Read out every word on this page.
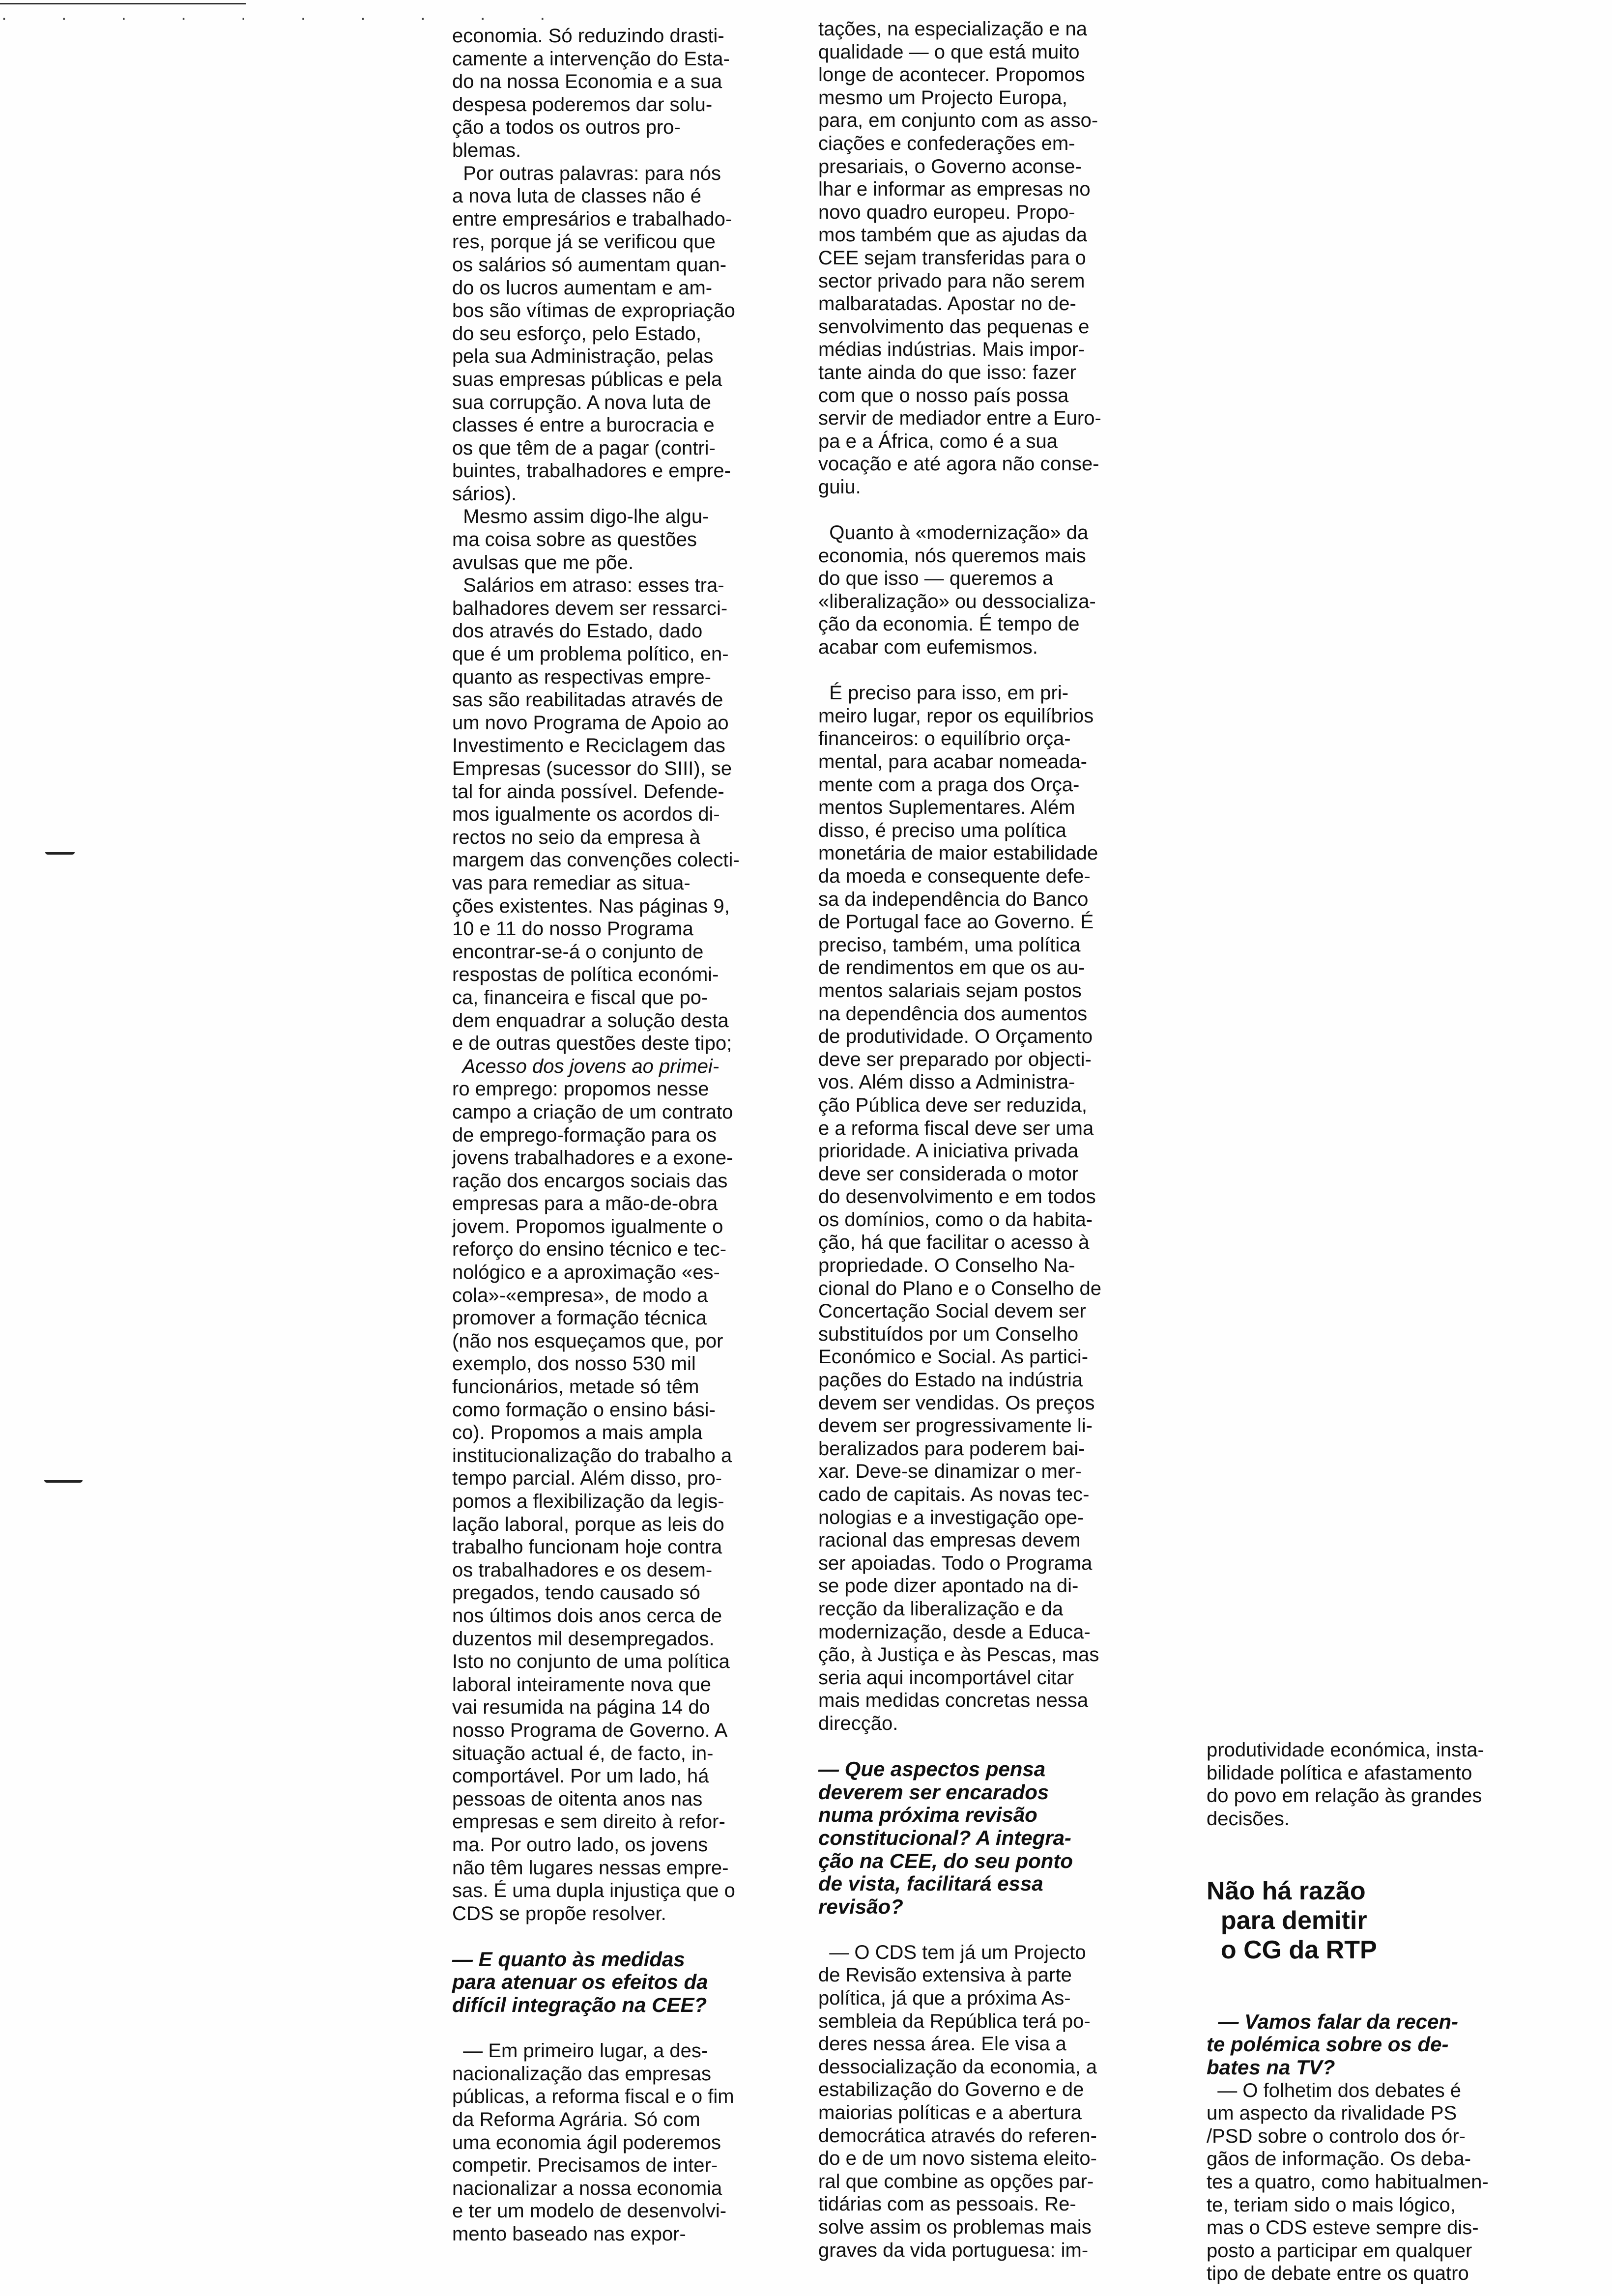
· · · · · · · · · ·

economia. Só reduzindo drasti-

camente a intervenção do Esta-

do na nossa Economia e a sua

despesa poderemos dar solu-

ção a todos os outros pro-

blemas.

Por outras palavras: para nós

a nova luta de classes não é

entre empresários e trabalhado-

res, porque já se verificou que

os salários só aumentam quan-

do os lucros aumentam e am-

bos são vítimas de expropriação

do seu esforço, pelo Estado,

pela sua Administração, pelas

suas empresas públicas e pela

sua corrupção. A nova luta de

classes é entre a burocracia e

os que têm de a pagar (contri-

buintes, trabalhadores e empre-

sários).

Mesmo assim digo-lhe algu-

ma coisa sobre as questões

avulsas que me põe.

Salários em atraso: esses tra-

balhadores devem ser ressarci-

dos através do Estado, dado

que é um problema político, en-

quanto as respectivas empre-

sas são reabilitadas através de

um novo Programa de Apoio ao

Investimento e Reciclagem das

Empresas (sucessor do SIII), se

tal for ainda possível. Defende-

mos igualmente os acordos di-

rectos no seio da empresa à

margem das convenções colecti-

vas para remediar as situa-

ções existentes. Nas páginas 9,

10 e 11 do nosso Programa

encontrar-se-á o conjunto de

respostas de política económi-

ca, financeira e fiscal que po-

dem enquadrar a solução desta

e de outras questões deste tipo;

Acesso dos jovens ao primei-

ro emprego: propomos nesse

campo a criação de um contrato

de emprego-formação para os

jovens trabalhadores e a exone-

ração dos encargos sociais das

empresas para a mão-de-obra

jovem. Propomos igualmente o

reforço do ensino técnico e tec-

nológico e a aproximação «es-

cola»-«empresa», de modo a

promover a formação técnica

(não nos esqueçamos que, por

exemplo, dos nosso 530 mil

funcionários, metade só têm

como formação o ensino bási-

co). Propomos a mais ampla

institucionalização do trabalho a

tempo parcial. Além disso, pro-

pomos a flexibilização da legis-

lação laboral, porque as leis do

trabalho funcionam hoje contra

os trabalhadores e os desem-

pregados, tendo causado só

nos últimos dois anos cerca de

duzentos mil desempregados.

Isto no conjunto de uma política

laboral inteiramente nova que

vai resumida na página 14 do

nosso Programa de Governo. A

situação actual é, de facto, in-

comportável. Por um lado, há

pessoas de oitenta anos nas

empresas e sem direito à refor-

ma. Por outro lado, os jovens

não têm lugares nessas empre-

sas. É uma dupla injustiça que o

CDS se propõe resolver.

— E quanto às medidas

para atenuar os efeitos da

difícil integração na CEE?

— Em primeiro lugar, a des-

nacionalização das empresas

públicas, a reforma fiscal e o fim

da Reforma Agrária. Só com

uma economia ágil poderemos

competir. Precisamos de inter-

nacionalizar a nossa economia

e ter um modelo de desenvolvi-

mento baseado nas expor-

tações, na especialização e na

qualidade — o que está muito

longe de acontecer. Propomos

mesmo um Projecto Europa,

para, em conjunto com as asso-

ciações e confederações em-

presariais, o Governo aconse-

lhar e informar as empresas no

novo quadro europeu. Propo-

mos também que as ajudas da

CEE sejam transferidas para o

sector privado para não serem

malbaratadas. Apostar no de-

senvolvimento das pequenas e

médias indústrias. Mais impor-

tante ainda do que isso: fazer

com que o nosso país possa

servir de mediador entre a Euro-

pa e a África, como é a sua

vocação e até agora não conse-

guiu.

Quanto à «modernização» da

economia, nós queremos mais

do que isso — queremos a

«liberalização» ou dessocializa-

ção da economia. É tempo de

acabar com eufemismos.

É preciso para isso, em pri-

meiro lugar, repor os equilíbrios

financeiros: o equilíbrio orça-

mental, para acabar nomeada-

mente com a praga dos Orça-

mentos Suplementares. Além

disso, é preciso uma política

monetária de maior estabilidade

da moeda e consequente defe-

sa da independência do Banco

de Portugal face ao Governo. É

preciso, também, uma política

de rendimentos em que os au-

mentos salariais sejam postos

na dependência dos aumentos

de produtividade. O Orçamento

deve ser preparado por objecti-

vos. Além disso a Administra-

ção Pública deve ser reduzida,

e a reforma fiscal deve ser uma

prioridade. A iniciativa privada

deve ser considerada o motor

do desenvolvimento e em todos

os domínios, como o da habita-

ção, há que facilitar o acesso à

propriedade. O Conselho Na-

cional do Plano e o Conselho de

Concertação Social devem ser

substituídos por um Conselho

Económico e Social. As partici-

pações do Estado na indústria

devem ser vendidas. Os preços

devem ser progressivamente li-

beralizados para poderem bai-

xar. Deve-se dinamizar o mer-

cado de capitais. As novas tec-

nologias e a investigação ope-

racional das empresas devem

ser apoiadas. Todo o Programa

se pode dizer apontado na di-

recção da liberalização e da

modernização, desde a Educa-

ção, à Justiça e às Pescas, mas

seria aqui incomportável citar

mais medidas concretas nessa

direcção.

— Que aspectos pensa

deverem ser encarados

numa próxima revisão

constitucional? A integra-

ção na CEE, do seu ponto

de vista, facilitará essa

revisão?

— O CDS tem já um Projecto

de Revisão extensiva à parte

política, já que a próxima As-

sembleia da República terá po-

deres nessa área. Ele visa a

dessocialização da economia, a

estabilização do Governo e de

maiorias políticas e a abertura

democrática através do referen-

do e de um novo sistema eleito-

ral que combine as opções par-

tidárias com as pessoais. Re-

solve assim os problemas mais

graves da vida portuguesa: im-

produtividade económica, insta-

bilidade política e afastamento

do povo em relação às grandes

decisões.

Não há razão

para demitir

o CG da RTP

— Vamos falar da recen-

te polémica sobre os de-

bates na TV?

— O folhetim dos debates é

um aspecto da rivalidade PS

/PSD sobre o controlo dos ór-

gãos de informação. Os deba-

tes a quatro, como habitualmen-

te, teriam sido o mais lógico,

mas o CDS esteve sempre dis-

posto a participar em qualquer

tipo de debate entre os quatro
